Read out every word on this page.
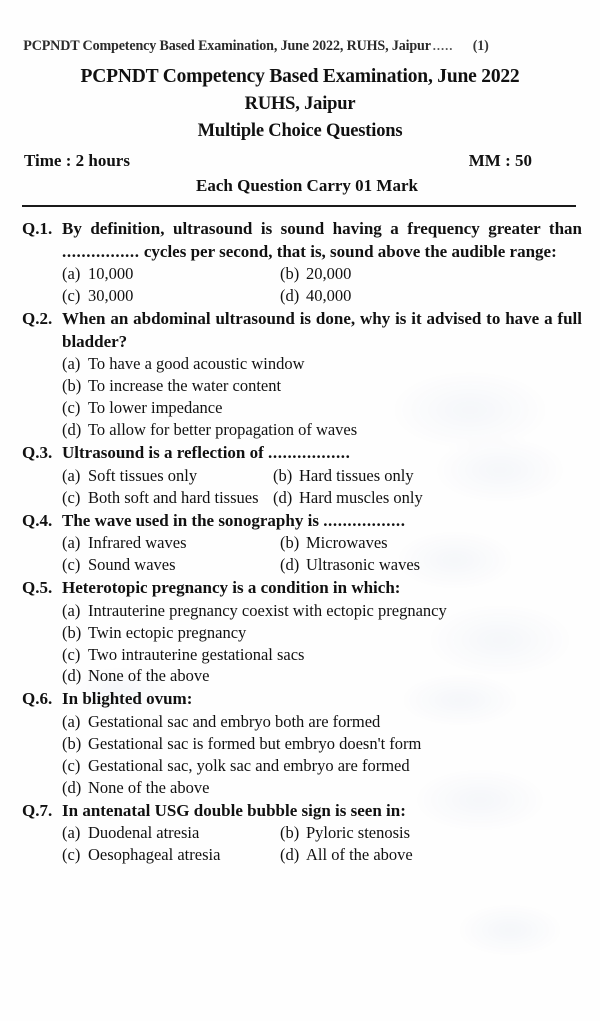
PCPNDT Competency Based Examination, June 2022, RUHS, Jaipur ..... (1)
PCPNDT Competency Based Examination, June 2022
RUHS, Jaipur
Multiple Choice Questions
Time : 2 hours	MM : 50
Each Question Carry 01 Mark
Q.1. By definition, ultrasound is sound having a frequency greater than ................ cycles per second, that is, sound above the audible range:
(a) 10,000	(b) 20,000
(c) 30,000	(d) 40,000
Q.2. When an abdominal ultrasound is done, why is it advised to have a full bladder?
(a) To have a good acoustic window
(b) To increase the water content
(c) To lower impedance
(d) To allow for better propagation of waves
Q.3. Ultrasound is a reflection of .................
(a) Soft tissues only	(b) Hard tissues only
(c) Both soft and hard tissues (d) Hard muscles only
Q.4. The wave used in the sonography is .................
(a) Infrared waves	(b) Microwaves
(c) Sound waves	(d) Ultrasonic waves
Q.5. Heterotopic pregnancy is a condition in which:
(a) Intrauterine pregnancy coexist with ectopic pregnancy
(b) Twin ectopic pregnancy
(c) Two intrauterine gestational sacs
(d) None of the above
Q.6. In blighted ovum:
(a) Gestational sac and embryo both are formed
(b) Gestational sac is formed but embryo doesn't form
(c) Gestational sac, yolk sac and embryo are formed
(d) None of the above
Q.7. In antenatal USG double bubble sign is seen in:
(a) Duodenal atresia	(b) Pyloric stenosis
(c) Oesophageal atresia	(d) All of the above
